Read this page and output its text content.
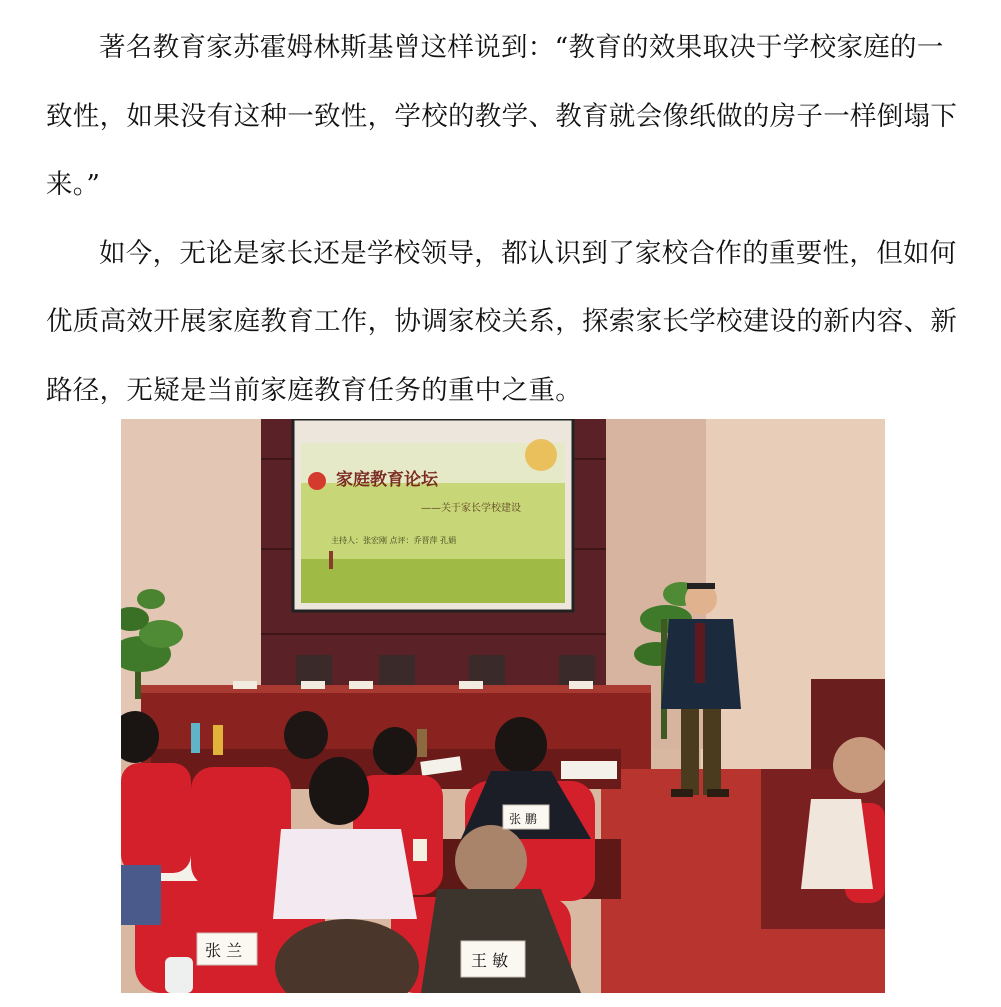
著名教育家苏霍姆林斯基曾这样说到：“教育的效果取决于学校家庭的一致性，如果没有这种一致性，学校的教学、教育就会像纸做的房子一样倒塌下来。”

如今，无论是家长还是学校领导，都认识到了家校合作的重要性，但如何优质高效开展家庭教育工作，协调家校关系，探索家长学校建设的新内容、新路径，无疑是当前家庭教育任务的重中之重。

家庭教育论坛
——关于家长学校建设
主持人：张宏刚 点评：乔晋萍 孔娟
张 兰
王 敏
张 鹏
